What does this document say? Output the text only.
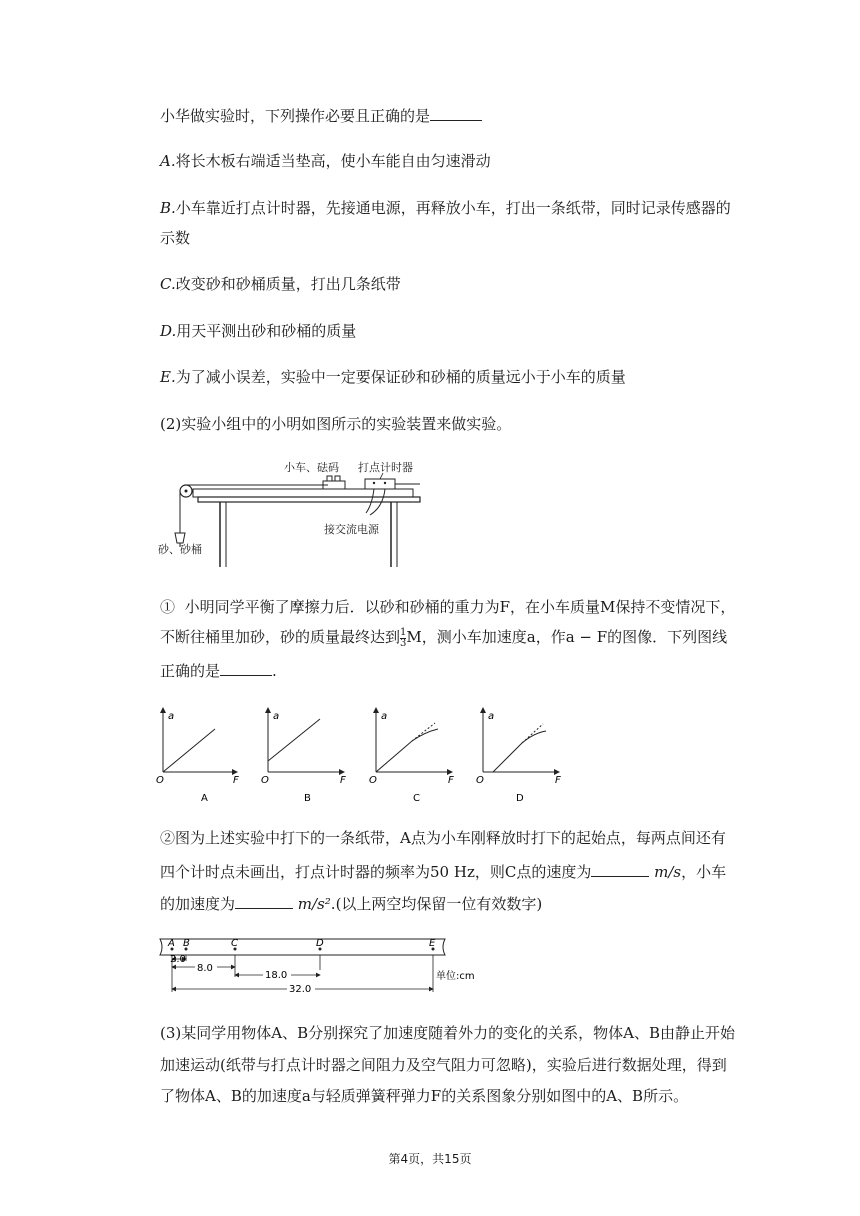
小华做实验时，下列操作必要且正确的是
A.将长木板右端适当垫高，使小车能自由匀速滑动
B.小车靠近打点计时器，先接通电源，再释放小车，打出一条纸带，同时记录传感器的
示数
C.改变砂和砂桶质量，打出几条纸带
D.用天平测出砂和砂桶的质量
E.为了减小误差，实验中一定要保证砂和砂桶的质量远小于小车的质量
(2)实验小组中的小明如图所示的实验装置来做实验。
小车、砝码 打点计时器
接交流电源
砂、砂桶
① 小明同学平衡了摩擦力后．以砂和砂桶的重力为F，在小车质量M保持不变情况下，
不断往桶里加砂，砂的质量最终达到 $\frac{1}{3}$ M，测小车加速度a，作a − F的图像．下列图线
正确的是	.
a
F
O
A
a
F
O
B
a
F
O
C
a
F
O
D
②图为上述实验中打下的一条纸带，A点为小车刚释放时打下的起始点，每两点间还有
四个计时点未画出，打点计时器的频率为50 Hz，则C点的速度为	m/s，小车
的加速度为	m/s².(以上两空均保留一位有效数字)
A B	C	D	E
2.0
8.0
18.0
32.0
单位:cm
(3)某同学用物体A、B分别探究了加速度随着外力的变化的关系，物体A、B由静止开始
加速运动(纸带与打点计时器之间阻力及空气阻力可忽略)，实验后进行数据处理，得到
了物体A、B的加速度a与轻质弹簧秤弹力F的关系图象分别如图中的A、B所示。
第4页，共15页
